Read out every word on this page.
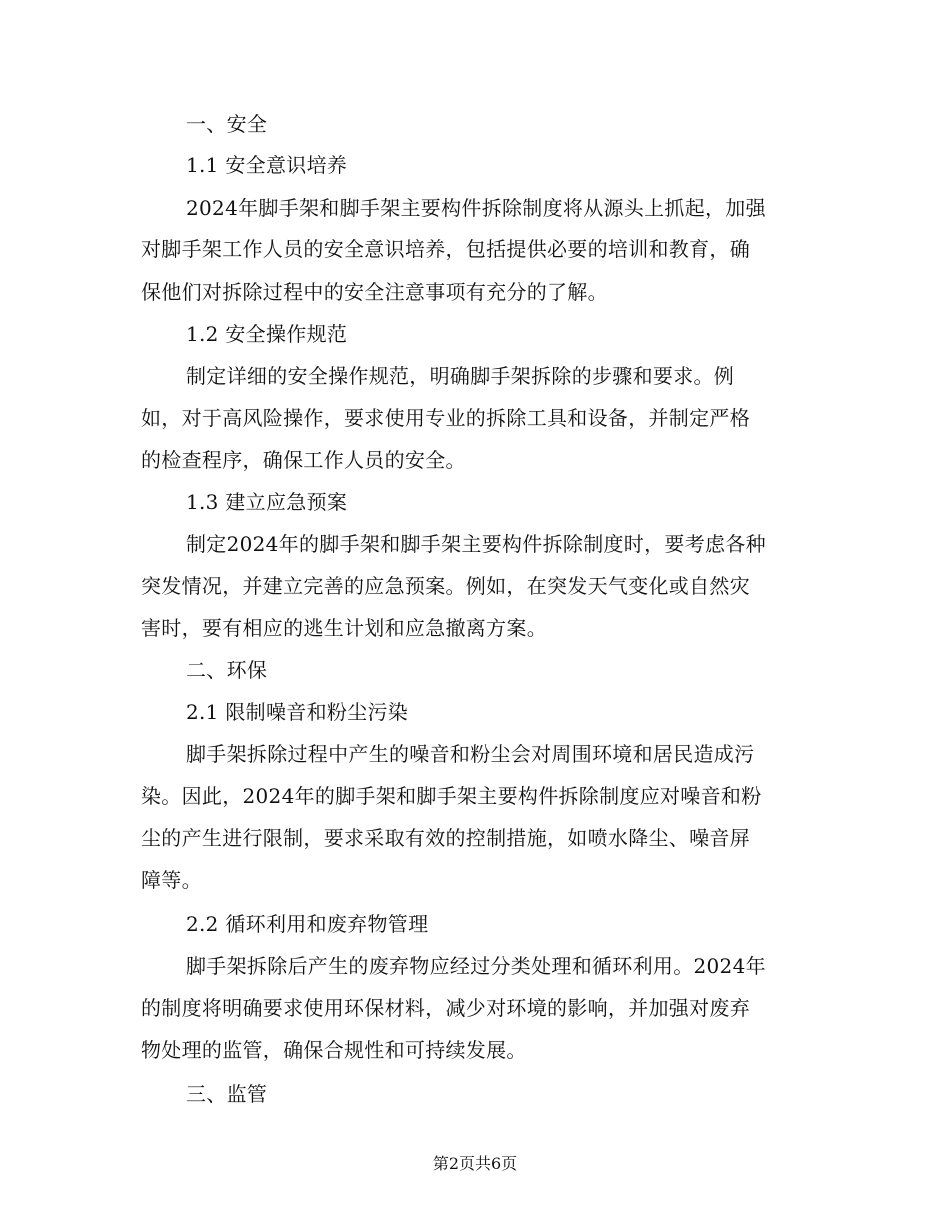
一、安全
1.1 安全意识培养
2024年脚手架和脚手架主要构件拆除制度将从源头上抓起，加强
对脚手架工作人员的安全意识培养，包括提供必要的培训和教育，确
保他们对拆除过程中的安全注意事项有充分的了解。
1.2 安全操作规范
制定详细的安全操作规范，明确脚手架拆除的步骤和要求。例
如，对于高风险操作，要求使用专业的拆除工具和设备，并制定严格
的检查程序，确保工作人员的安全。
1.3 建立应急预案
制定2024年的脚手架和脚手架主要构件拆除制度时，要考虑各种
突发情况，并建立完善的应急预案。例如，在突发天气变化或自然灾
害时，要有相应的逃生计划和应急撤离方案。
二、环保
2.1 限制噪音和粉尘污染
脚手架拆除过程中产生的噪音和粉尘会对周围环境和居民造成污
染。因此，2024年的脚手架和脚手架主要构件拆除制度应对噪音和粉
尘的产生进行限制，要求采取有效的控制措施，如喷水降尘、噪音屏
障等。
2.2 循环利用和废弃物管理
脚手架拆除后产生的废弃物应经过分类处理和循环利用。2024年
的制度将明确要求使用环保材料，减少对环境的影响，并加强对废弃
物处理的监管，确保合规性和可持续发展。
三、监管
第2页共6页
